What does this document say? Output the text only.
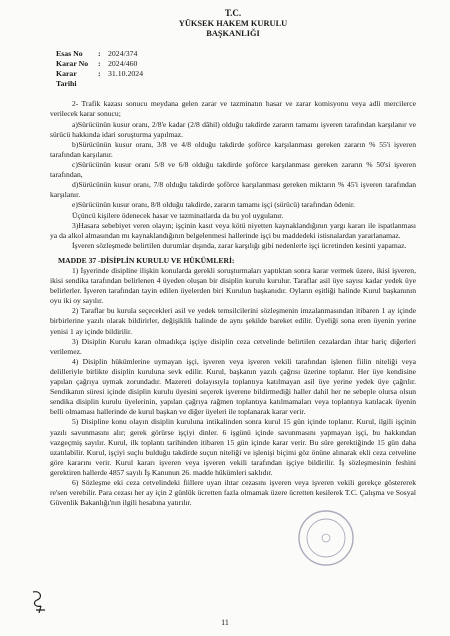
T.C.
YÜKSEK HAKEM KURULU
BAŞKANLIĞI
Esas No	: 2024/374
Karar No	: 2024/460
Karar Tarihi
: 31.10.2024
2- Trafik kazası sonucu meydana gelen zarar ve tazminatın hasar ve zarar komisyonu veya adli mercilerce verilecek karar sonucu;
a)Sürücünün kusur oranı, 2/8'e kadar (2/8 dâhil) olduğu takdirde zararın tamamı işveren tarafından karşılanır ve sürücü hakkında idari soruşturma yapılmaz.
b)Sürücünün kusur oranı, 3/8 ve 4/8 olduğu takdirde şoförce karşılanması gereken zararın % 55'i işveren tarafından karşılanır.
c)Sürücünün kusur oranı 5/8 ve 6/8 olduğu takdirde şoförce karşılanması gereken zararın % 50'si işveren tarafından,
d)Sürücünün kusur oranı, 7/8 olduğu takdirde şoförce karşılanması gereken miktarın % 45'i işveren tarafından karşılanır.
e)Sürücünün kusur oranı, 8/8 olduğu takdirde, zararın tamamı işçi (sürücü) tarafından ödenir.
Üçüncü kişilere ödenecek hasar ve tazminatlarda da bu yol uygulanır.
3)Hasara sebebiyet veren olayın; işçinin kasıt veya kötü niyetten kaynaklandığının yargı kararı ile ispatlanması ya da alkol almasından mı kaynaklandığının belgelenmesi hallerinde işçi bu maddedeki istisnalardan yararlanamaz.
İşveren sözleşmede belirtilen durumlar dışında, zarar karşılığı gibi nedenlerle işçi ücretinden kesinti yapamaz.
MADDE 37 -DİSİPLİN KURULU VE HÜKÜMLERİ:
1) İşyerinde disipline ilişkin konularda gerekli soruşturmaları yaptıktan sonra karar vermek üzere, ikisi işveren, ikisi sendika tarafından belirlenen 4 üyeden oluşan bir disiplin kurulu kurulur. Taraflar asil üye sayısı kadar yedek üye belirlerler. İşveren tarafından tayin edilen üyelerden biri Kurulun başkanıdır. Oyların eşitliği halinde Kurul başkanının oyu iki oy sayılır.
2) Taraflar bu kurula seçecekleri asil ve yedek temsilcilerini sözleşmenin imzalanmasından itibaren 1 ay içinde birbirlerine yazılı olarak bildirirler, değişiklik halinde de aynı şekilde bareket edilir. Üyeliği sona eren üyenin yerine yenisi 1 ay içinde bildirilir.
3) Disiplin Kurulu karan olmadıkça işçiye disiplin ceza cetvelinde belirtilen cezalardan ihtar hariç diğerleri verilemez.
4) Disiplin hükümlerine uymayan işçi, işveren veya işveren vekili tarafından işlenen fiilin niteliği veya delilleriyle birlikte disiplin kuruluna sevk edilir. Kurul, başkanın yazılı çağrısı üzerine toplanır. Her üye kendisine yapılan çağrıya uymak zorundadır. Mazereti dolayısıyla toplantıya katılmayan asil üye yerine yedek üye çağrılır. Sendikanın süresi içinde disiplin kurulu üyesini seçerek işverene bildirmediği haller dahil her ne sebeple olursa olsun sendika disiplin kurulu üyelerinin, yapılan çağrıya rağmen toplantıya katılmamaları veya toplantıya katılacak üyenin belli olmaması hallerinde de kurul başkan ve diğer üyeleri ile toplanarak karar verir.
5) Disipline konu olayın disiplin kuruluna intikalinden sonra kurul 15 gün içinde toplanır. Kurul, ilgili işçinin yazılı savunmasını alır; gerek görürse işçiyi dinler. 6 işgünü içinde savunmasını yapmayan işçi, bu hakkından vazgeçmiş sayılır. Kurul, ilk toplantı tarihinden itibaren 15 gün içinde karar verir. Bu süre gerektiğinde 15 gün daha uzatılabilir. Kurul, işçiyi suçlu bulduğu takdirde suçun niteliği ve işlenişi biçimi göz önüne alınarak ekli ceza cetveline göre kararını verir. Kurul kararı işveren veya işveren vekili tarafından işçiye bildirilir. İş sözleşmesinin feshini gerektiren hallerde 4857 sayılı İş Kanunun 26. madde hükümleri saklıdır.
6) Sözleşme eki ceza cetvelindeki fiillere uyan ihtar cezasını işveren veya işveren vekili gerekçe göstererek re'sen verebilir. Para cezası her ay için 2 günlük ücretten fazla olmamak üzere ücretten kesilerek T.C. Çalışma ve Sosyal Güvenlik Bakanlığı'nın ilgili hesabına yatırılır.
11
